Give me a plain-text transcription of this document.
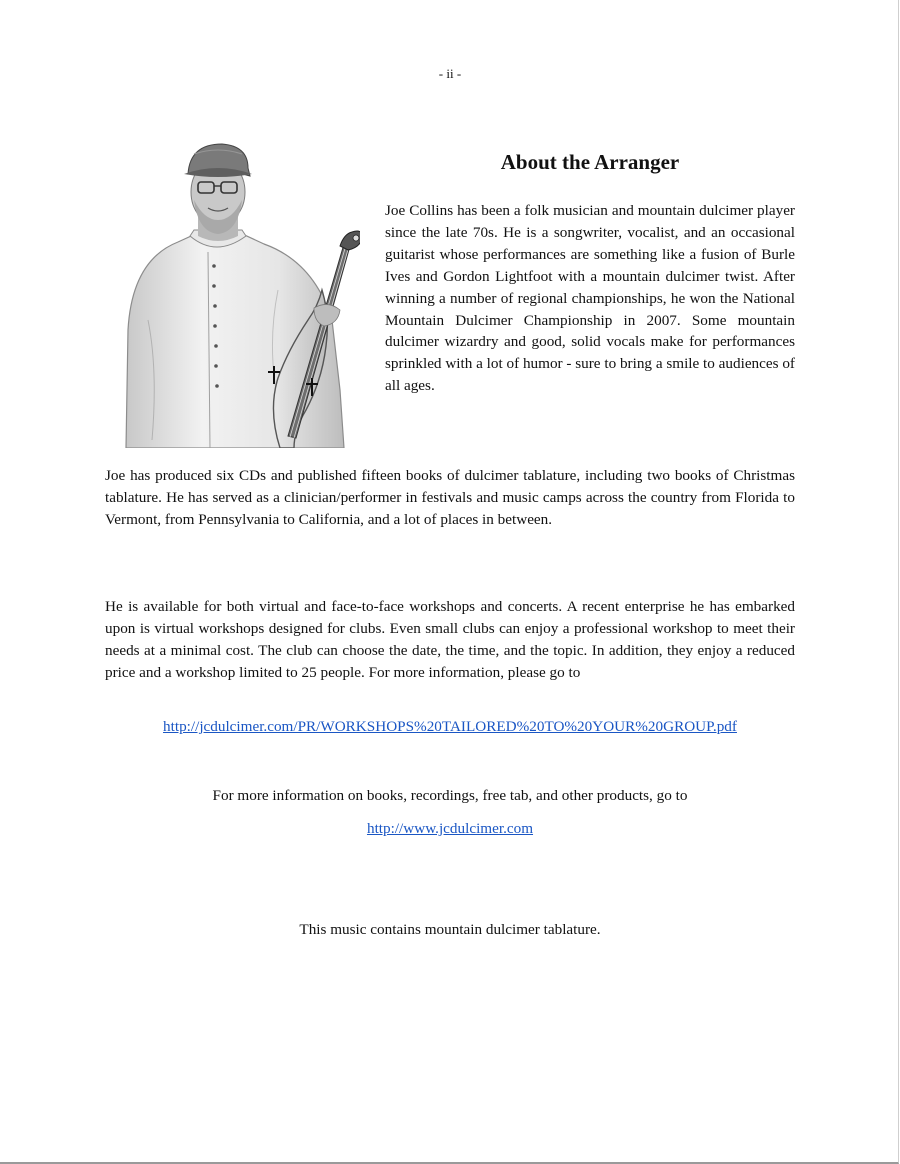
- ii -
About the Arranger

Joe Collins has been a folk musician and mountain dulcimer player since the late 70s. He is a songwriter, vocalist, and an occasional guitarist whose performances are something like a fusion of Burle Ives and Gordon Lightfoot with a mountain dulcimer twist. After winning a number of regional championships, he won the National Mountain Dulcimer Championship in 2007. Some mountain dulcimer wizardry and good, solid vocals make for performances sprinkled with a lot of humor - sure to bring a smile to audiences of all ages.

Joe has produced six CDs and published fifteen books of dulcimer tablature, including two books of Christmas tablature. He has served as a clinician/performer in festivals and music camps across the country from Florida to Vermont, from Pennsylvania to California, and a lot of places in between.

He is available for both virtual and face-to-face workshops and concerts. A recent enterprise he has embarked upon is virtual workshops designed for clubs. Even small clubs can enjoy a professional workshop to meet their needs at a minimal cost. The club can choose the date, the time, and the topic. In addition, they enjoy a reduced price and a workshop limited to 25 people. For more information, please go to

http://jcdulcimer.com/PR/WORKSHOPS%20TAILORED%20TO%20YOUR%20GROUP.pdf

For more information on books, recordings, free tab, and other products, go to

http://www.jcdulcimer.com

This music contains mountain dulcimer tablature.
